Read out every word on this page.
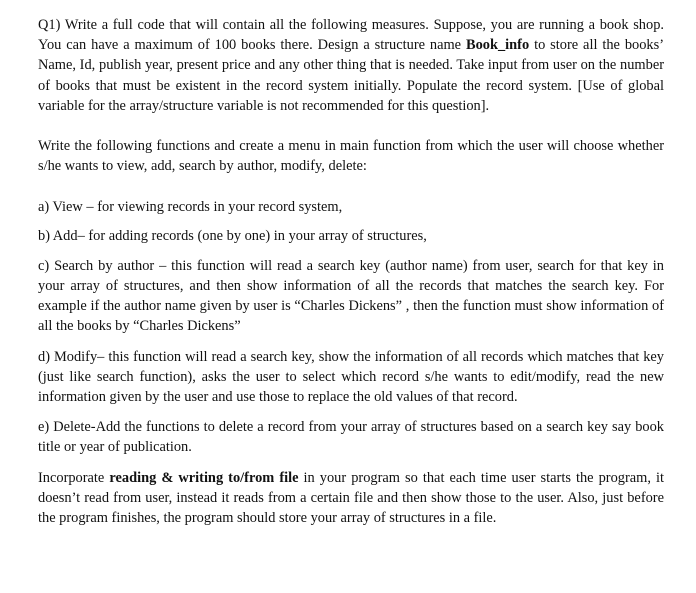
Q1) Write a full code that will contain all the following measures. Suppose, you are running a book shop. You can have a maximum of 100 books there. Design a structure name Book_info to store all the books’ Name, Id, publish year, present price and any other thing that is needed. Take input from user on the number of books that must be existent in the record system initially. Populate the record system. [Use of global variable for the array/structure variable is not recommended for this question].

Write the following functions and create a menu in main function from which the user will choose whether s/he wants to view, add, search by author, modify, delete:

a) View – for viewing records in your record system,

b) Add– for adding records (one by one) in your array of structures,

c) Search by author – this function will read a search key (author name) from user, search for that key in your array of structures, and then show information of all the records that matches the search key. For example if the author name given by user is “Charles Dickens” , then the function must show information of all the books by “Charles Dickens”

d) Modify– this function will read a search key, show the information of all records which matches that key (just like search function), asks the user to select which record s/he wants to edit/modify, read the new information given by the user and use those to replace the old values of that record.

e) Delete-Add the functions to delete a record from your array of structures based on a search key say book title or year of publication.

Incorporate reading & writing to/from file in your program so that each time user starts the program, it doesn’t read from user, instead it reads from a certain file and then show those to the user. Also, just before the program finishes, the program should store your array of structures in a file.
